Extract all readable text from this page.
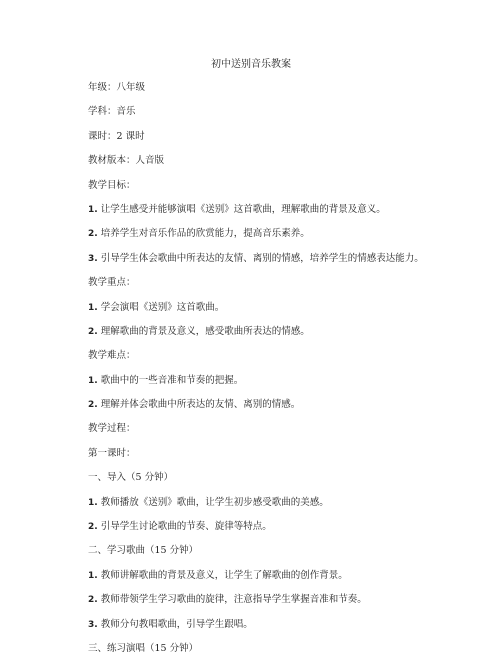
初中送别音乐教案
年级：八年级
学科：音乐
课时：2 课时
教材版本：人音版
教学目标：
1. 让学生感受并能够演唱《送别》这首歌曲，理解歌曲的背景及意义。
2. 培养学生对音乐作品的欣赏能力，提高音乐素养。
3. 引导学生体会歌曲中所表达的友情、离别的情感，培养学生的情感表达能力。
教学重点：
1. 学会演唱《送别》这首歌曲。
2. 理解歌曲的背景及意义，感受歌曲所表达的情感。
教学难点：
1. 歌曲中的一些音准和节奏的把握。
2. 理解并体会歌曲中所表达的友情、离别的情感。
教学过程：
第一课时：
一、导入（5 分钟）
1. 教师播放《送别》歌曲，让学生初步感受歌曲的美感。
2. 引导学生讨论歌曲的节奏、旋律等特点。
二、学习歌曲（15 分钟）
1. 教师讲解歌曲的背景及意义，让学生了解歌曲的创作背景。
2. 教师带领学生学习歌曲的旋律，注意指导学生掌握音准和节奏。
3. 教师分句教唱歌曲，引导学生跟唱。
三、练习演唱（15 分钟）
